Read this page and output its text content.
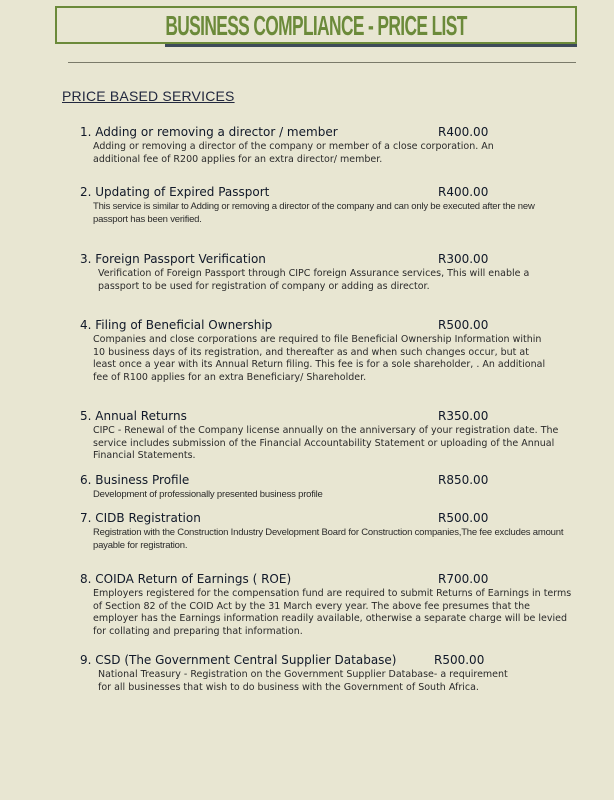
BUSINESS COMPLIANCE - PRICE LIST
PRICE BASED SERVICES
1. Adding or removing a director / member	R400.00
Adding or removing a director of the company or member of a close corporation. An additional fee of R200 applies for an extra director/ member.
2. Updating of Expired Passport	R400.00
This service is similar to Adding or removing a director of the company and can only be executed after the new passport has been verified.
3. Foreign Passport Verification	R300.00
Verification of Foreign Passport through CIPC foreign Assurance services, This will enable a passport to be used for registration of company or adding as director.
4. Filing of Beneficial Ownership	R500.00
Companies and close corporations are required to file Beneficial Ownership Information within 10 business days of its registration, and thereafter as and when such changes occur, but at least once a year with its Annual Return filing. This fee is for a sole shareholder, . An additional fee of R100 applies for an extra Beneficiary/ Shareholder.
5. Annual Returns	R350.00
CIPC - Renewal of the Company license annually on the anniversary of your registration date. The service includes submission of the Financial Accountability Statement or uploading of the Annual Financial Statements.
6. Business Profile	R850.00
Development of professionally presented business profile
7. CIDB Registration	R500.00
Registration with the Construction Industry Development Board for Construction companies,The fee excludes amount payable for registration.
8. COIDA Return of Earnings ( ROE)	R700.00
Employers registered for the compensation fund are required to submit Returns of Earnings in terms of Section 82 of the COID Act by the 31 March every year. The above fee presumes that the employer has the Earnings information readily available, otherwise a separate charge will be levied for collating and preparing that information.
9. CSD (The Government Central Supplier Database)	R500.00
National Treasury - Registration on the Government Supplier Database- a requirement for all businesses that wish to do business with the Government of South Africa.
